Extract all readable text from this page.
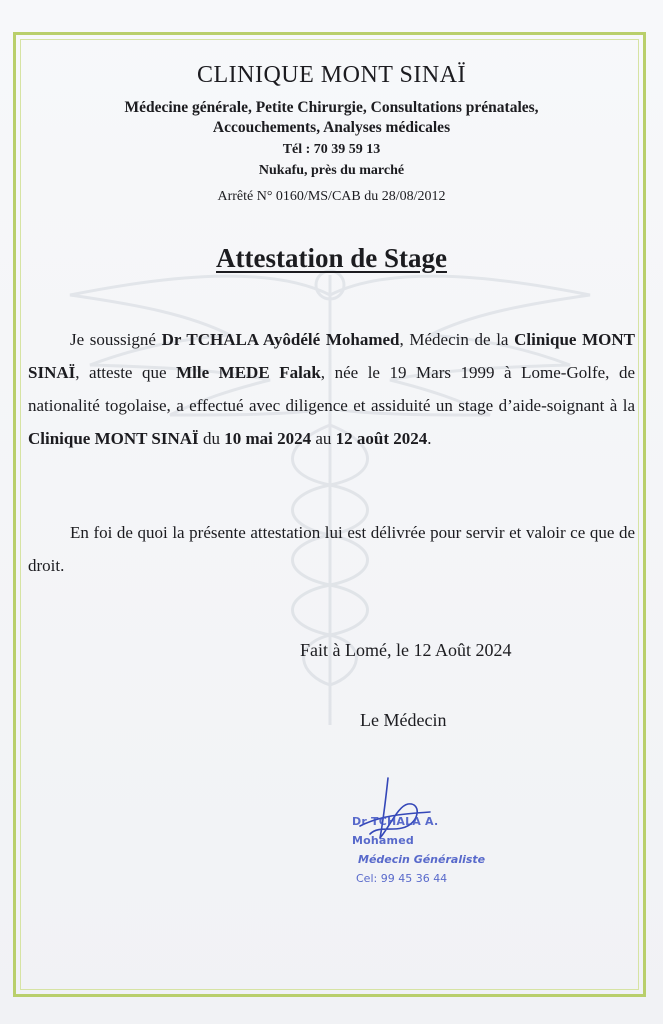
CLINIQUE MONT SINAÏ
Médecine générale, Petite Chirurgie, Consultations prénatales,
Accouchements, Analyses médicales
Tél : 70 39 59 13
Nukafu, près du marché
Arrêté N° 0160/MS/CAB du 28/08/2012
Attestation de Stage
Je soussigné Dr TCHALA Ayôdélé Mohamed, Médecin de la Clinique MONT SINAÏ, atteste que Mlle MEDE Falak, née le 19 Mars 1999 à Lome-Golfe, de nationalité togolaise, a effectué avec diligence et assiduité un stage d’aide-soignant à la Clinique MONT SINAÏ du 10 mai 2024 au 12 août 2024.
En foi de quoi la présente attestation lui est délivrée pour servir et valoir ce que de droit.
Fait à Lomé, le 12 Août 2024
Le Médecin
Dr TCHALA A. Mohamed
Médecin Généraliste
Cel: 99 45 36 44
